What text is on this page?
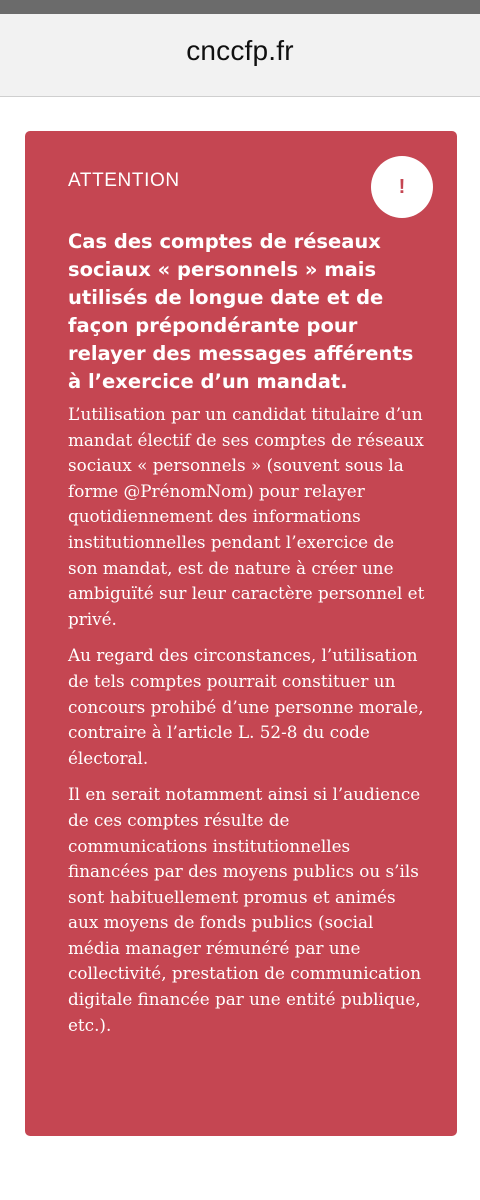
cnccfp.fr
ATTENTION	!
Cas des comptes de réseaux sociaux « personnels » mais utilisés de longue date et de façon prépondérante pour relayer des messages afférents à l’exercice d’un mandat.

L’utilisation par un candidat titulaire d’un mandat électif de ses comptes de réseaux sociaux « personnels » (souvent sous la forme @PrénomNom) pour relayer quotidiennement des informations institutionnelles pendant l’exercice de son mandat, est de nature à créer une ambiguïté sur leur caractère personnel et privé.

Au regard des circonstances, l’utilisation de tels comptes pourrait constituer un concours prohibé d’une personne morale, contraire à l’article L. 52-8 du code électoral.

Il en serait notamment ainsi si l’audience de ces comptes résulte de communications institutionnelles financées par des moyens publics ou s’ils sont habituellement promus et animés aux moyens de fonds publics (social média manager rémunéré par une collectivité, prestation de communication digitale financée par une entité publique, etc.).
